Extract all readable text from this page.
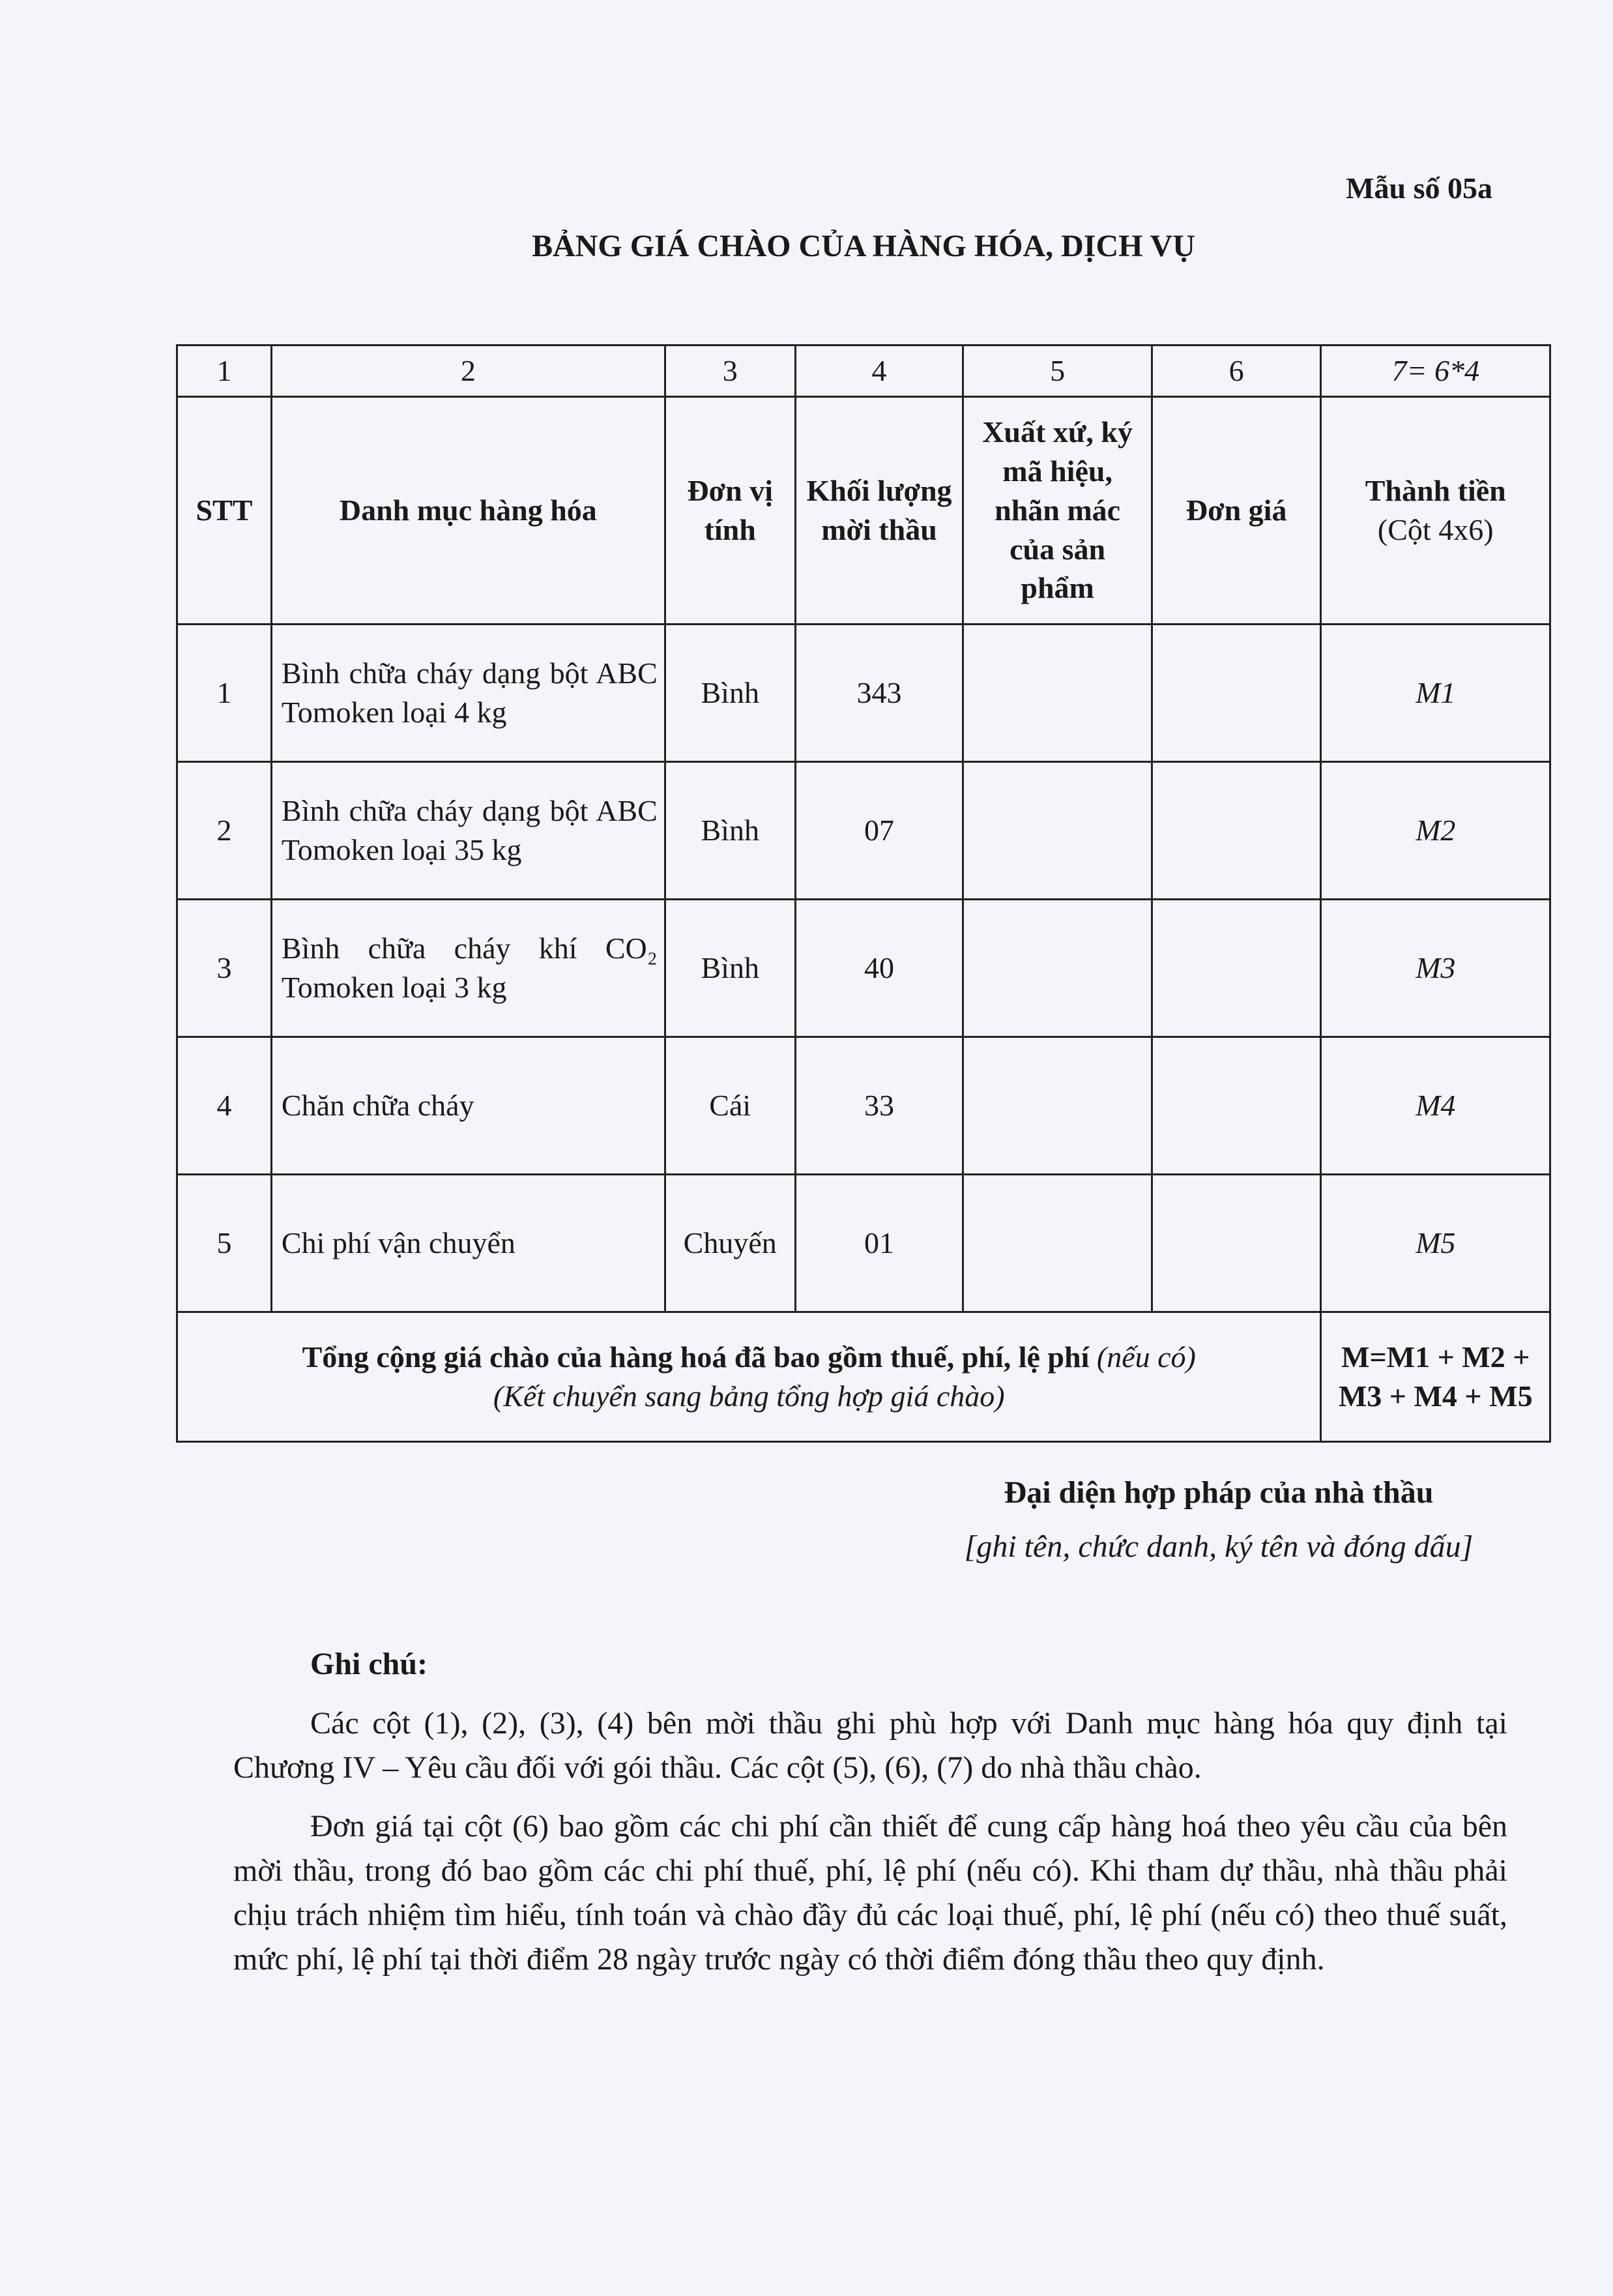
Mẫu số 05a
BẢNG GIÁ CHÀO CỦA HÀNG HÓA, DỊCH VỤ
1	2	3	4	5	6	7= 6*4
STT	Danh mục hàng hóa	Đơn vị tính	Khối lượng mời thầu	Xuất xứ, ký mã hiệu, nhãn mác của sản phẩm	Đơn giá	Thành tiền
(Cột 4x6)

1	Bình chữa cháy dạng bột ABC Tomoken loại 4 kg	Bình	343			M1
2	Bình chữa cháy dạng bột ABC Tomoken loại 35 kg	Bình	07			M2
3	Bình chữa cháy khí CO₂ Tomoken loại 3 kg	Bình	40			M3
4	Chăn chữa cháy	Cái	33			M4
5	Chi phí vận chuyển	Chuyến	01			M5
Tổng cộng giá chào của hàng hoá đã bao gồm thuế, phí, lệ phí (nếu có)
(Kết chuyển sang bảng tổng hợp giá chào)						M=M1 + M2 + M3 + M4 + M5
Đại diện hợp pháp của nhà thầu
[ghi tên, chức danh, ký tên và đóng dấu]
Ghi chú:

Các cột (1), (2), (3), (4) bên mời thầu ghi phù hợp với Danh mục hàng hóa quy định tại Chương IV – Yêu cầu đối với gói thầu. Các cột (5), (6), (7) do nhà thầu chào.

Đơn giá tại cột (6) bao gồm các chi phí cần thiết để cung cấp hàng hoá theo yêu cầu của bên mời thầu, trong đó bao gồm các chi phí thuế, phí, lệ phí (nếu có). Khi tham dự thầu, nhà thầu phải chịu trách nhiệm tìm hiểu, tính toán và chào đầy đủ các loại thuế, phí, lệ phí (nếu có) theo thuế suất, mức phí, lệ phí tại thời điểm 28 ngày trước ngày có thời điểm đóng thầu theo quy định.
